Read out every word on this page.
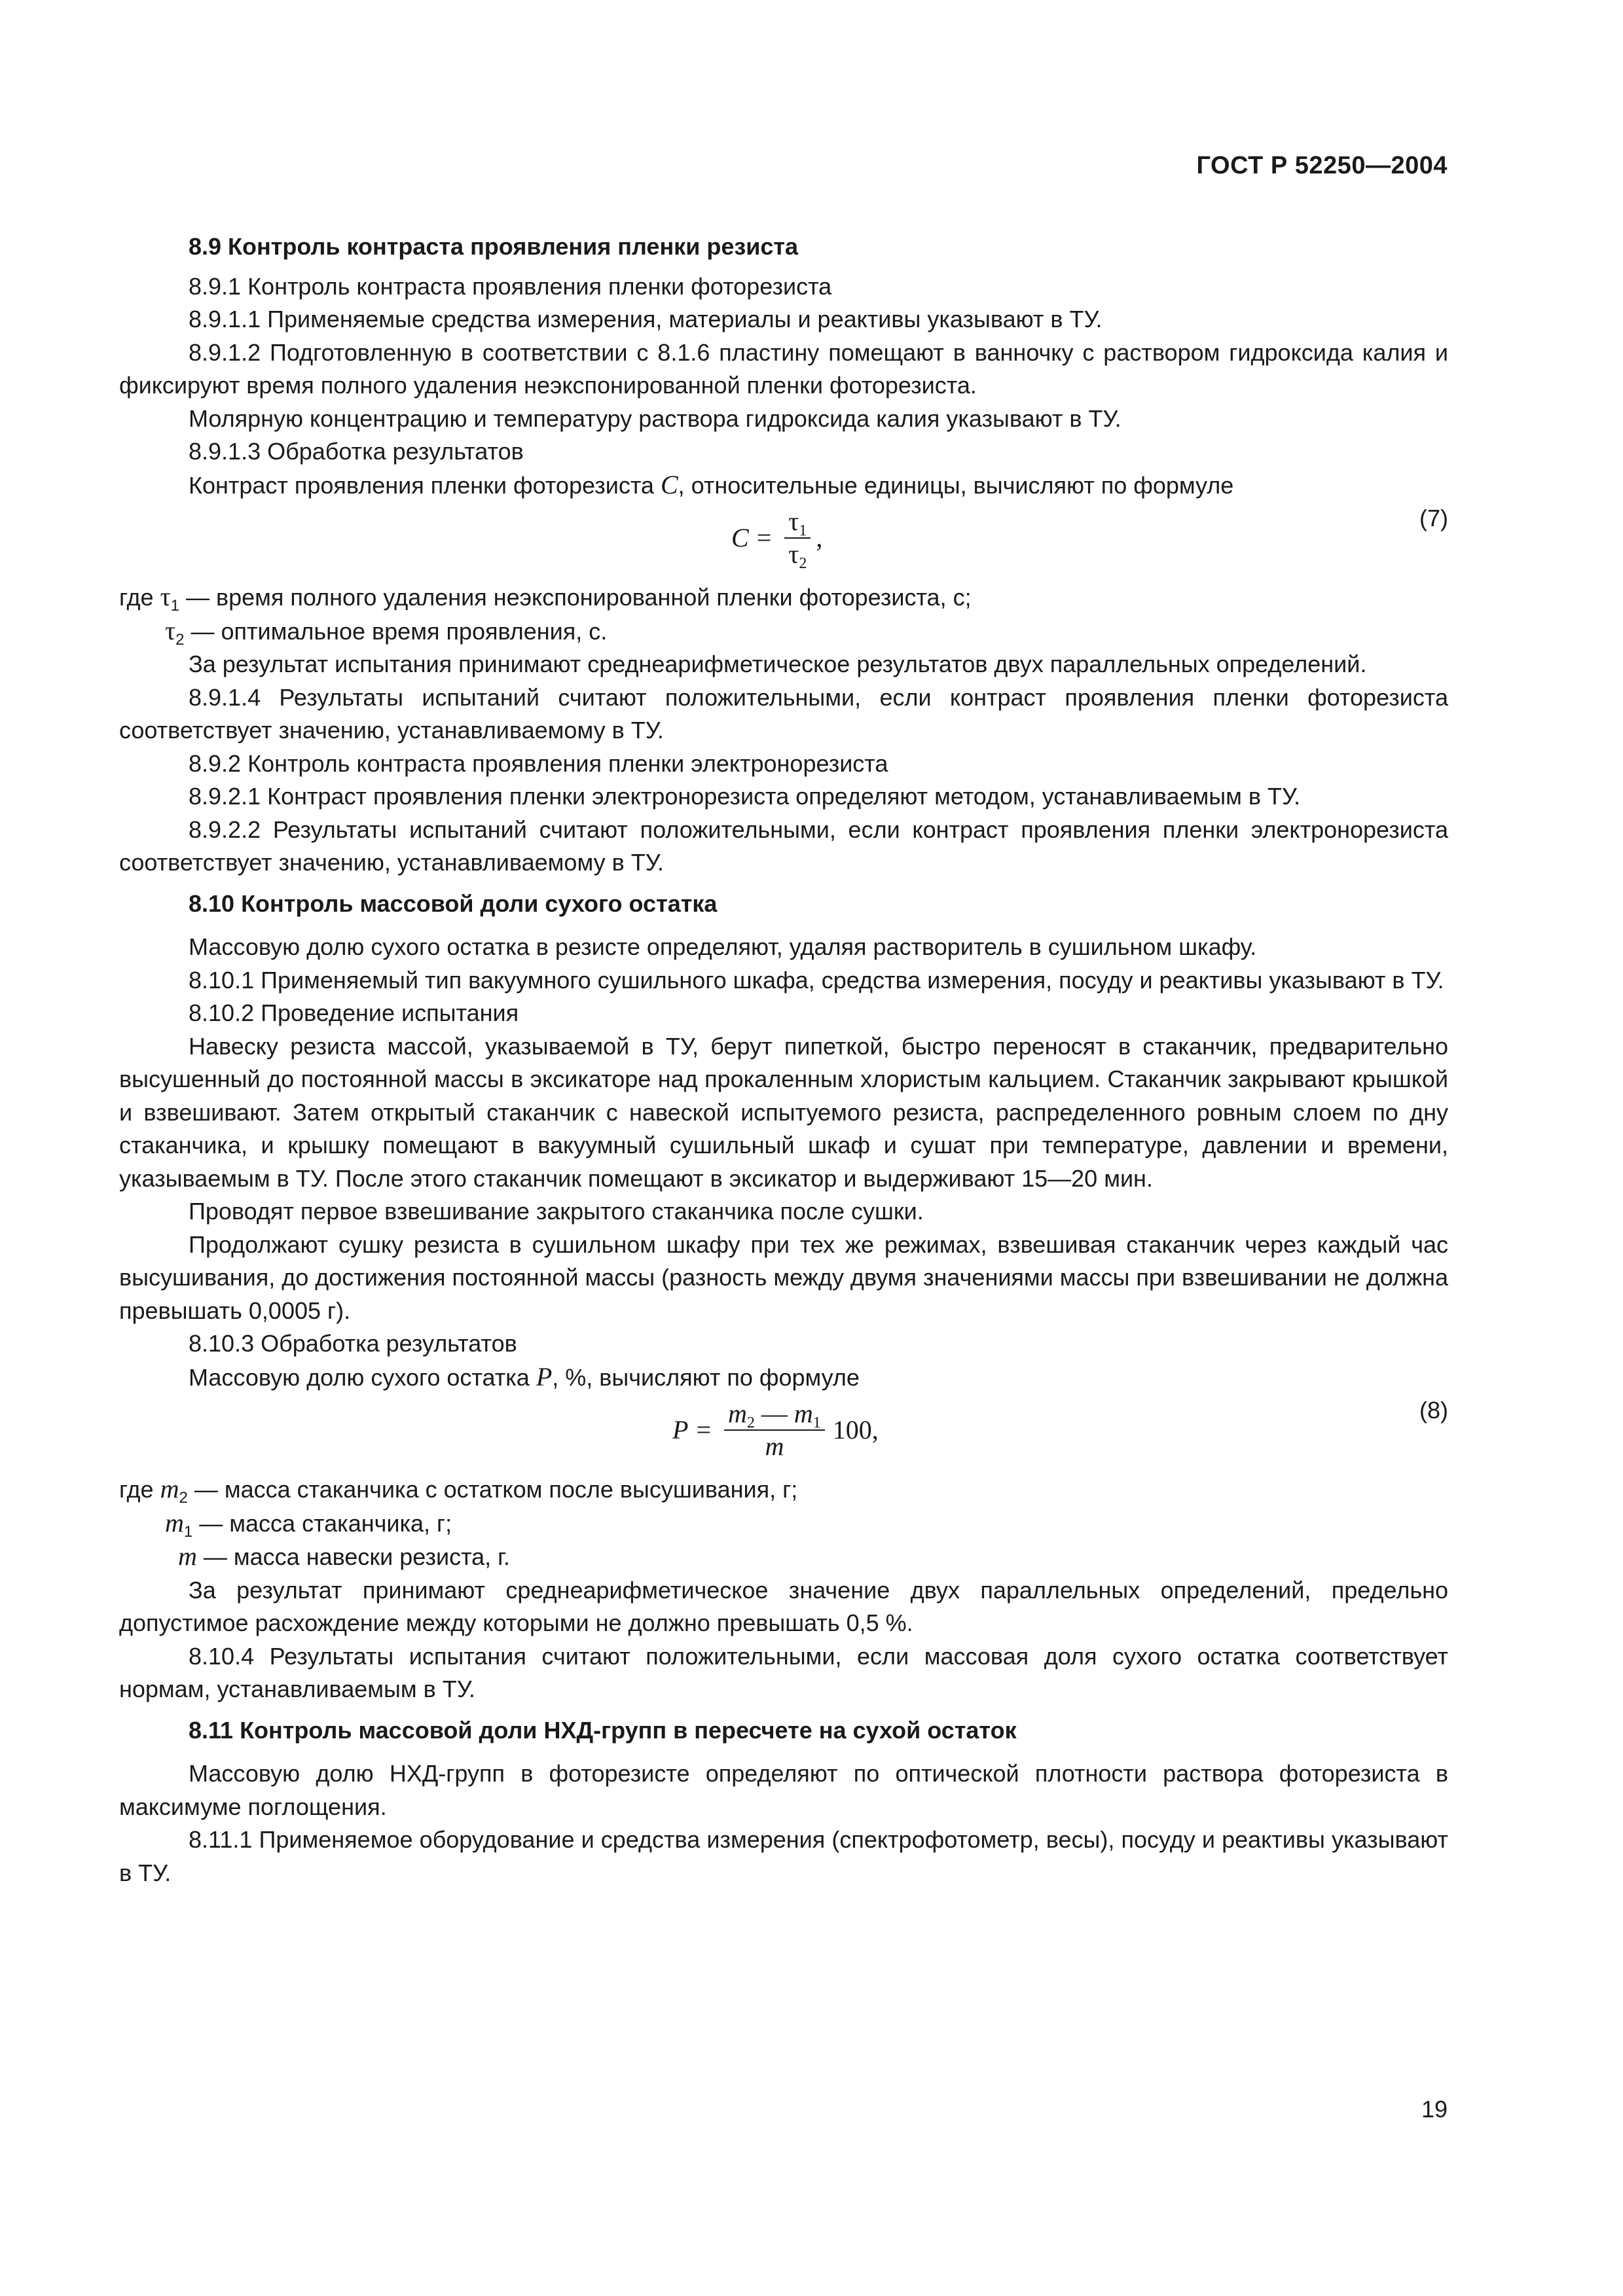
ГОСТ Р 52250—2004

8.9 Контроль контраста проявления пленки резиста

8.9.1 Контроль контраста проявления пленки фоторезиста

8.9.1.1 Применяемые средства измерения, материалы и реактивы указывают в ТУ.

8.9.1.2 Подготовленную в соответствии с 8.1.6 пластину помещают в ванночку с раствором гидроксида калия и фиксируют время полного удаления неэкспонированной пленки фоторезиста.

Молярную концентрацию и температуру раствора гидроксида калия указывают в ТУ.

8.9.1.3 Обработка результатов

Контраст проявления пленки фоторезиста C, относительные единицы, вычисляют по формуле

$C = \frac{\tau_1}{\tau_2}$ ,
(7)

где $\tau_1$ — время полного удаления неэкспонированной пленки фоторезиста, с;

$\tau_2$ — оптимальное время проявления, с.

За результат испытания принимают среднеарифметическое результатов двух параллельных определений.

8.9.1.4 Результаты испытаний считают положительными, если контраст проявления пленки фоторезиста соответствует значению, устанавливаемому в ТУ.

8.9.2 Контроль контраста проявления пленки электронорезиста

8.9.2.1 Контраст проявления пленки электронорезиста определяют методом, устанавливаемым в ТУ.

8.9.2.2 Результаты испытаний считают положительными, если контраст проявления пленки электронорезиста соответствует значению, устанавливаемому в ТУ.

8.10 Контроль массовой доли сухого остатка

Массовую долю сухого остатка в резисте определяют, удаляя растворитель в сушильном шкафу.

8.10.1 Применяемый тип вакуумного сушильного шкафа, средства измерения, посуду и реактивы указывают в ТУ.

8.10.2 Проведение испытания

Навеску резиста массой, указываемой в ТУ, берут пипеткой, быстро переносят в стаканчик, предварительно высушенный до постоянной массы в эксикаторе над прокаленным хлористым кальцием. Стаканчик закрывают крышкой и взвешивают. Затем открытый стаканчик с навеской испытуемого резиста, распределенного ровным слоем по дну стаканчика, и крышку помещают в вакуумный сушильный шкаф и сушат при температуре, давлении и времени, указываемым в ТУ. После этого стаканчик помещают в эксикатор и выдерживают 15—20 мин.

Проводят первое взвешивание закрытого стаканчика после сушки.

Продолжают сушку резиста в сушильном шкафу при тех же режимах, взвешивая стаканчик через каждый час высушивания, до достижения постоянной массы (разность между двумя значениями массы при взвешивании не должна превышать 0,0005 г).

8.10.3 Обработка результатов

Массовую долю сухого остатка P, %, вычисляют по формуле

$P = \frac{m_2 — m_1}{m} 100$,
(8)

где $m_2$ — масса стаканчика с остатком после высушивания, г;

$m_1$ — масса стаканчика, г;

m — масса навески резиста, г.

За результат принимают среднеарифметическое значение двух параллельных определений, предельно допустимое расхождение между которыми не должно превышать 0,5 %.

8.10.4 Результаты испытания считают положительными, если массовая доля сухого остатка соответствует нормам, устанавливаемым в ТУ.

8.11 Контроль массовой доли НХД-групп в пересчете на сухой остаток

Массовую долю НХД-групп в фоторезисте определяют по оптической плотности раствора фоторезиста в максимуме поглощения.

8.11.1 Применяемое оборудование и средства измерения (спектрофотометр, весы), посуду и реактивы указывают в ТУ.

19
